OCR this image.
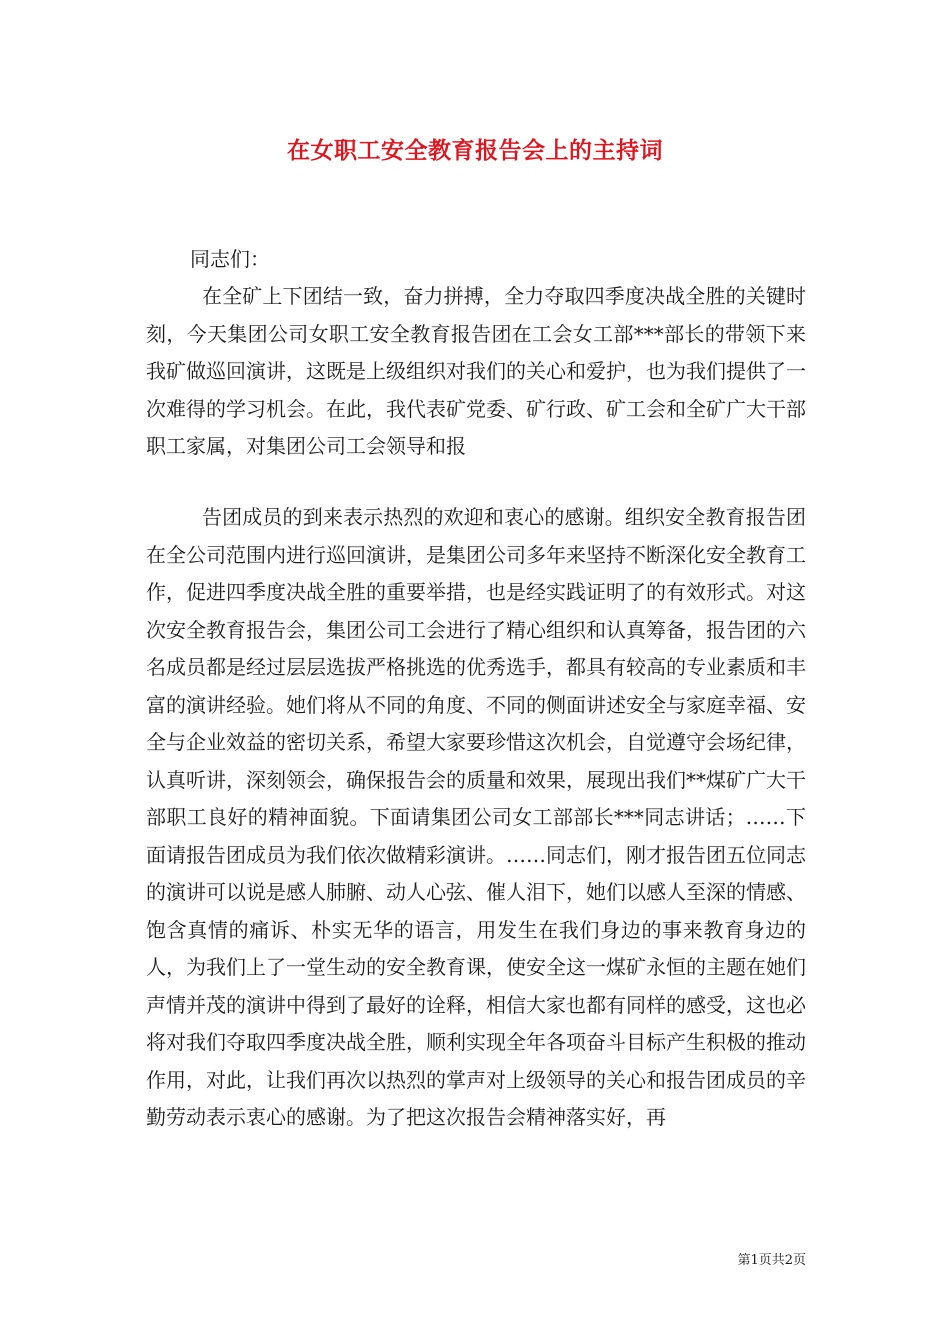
在女职工安全教育报告会上的主持词
同志们：

在全矿上下团结一致，奋力拼搏，全力夺取四季度决战全胜的关键时刻，今天集团公司女职工安全教育报告团在工会女工部***部长的带领下来我矿做巡回演讲，这既是上级组织对我们的关心和爱护，也为我们提供了一次难得的学习机会。在此，我代表矿党委、矿行政、矿工会和全矿广大干部职工家属，对集团公司工会领导和报

告团成员的到来表示热烈的欢迎和衷心的感谢。组织安全教育报告团在全公司范围内进行巡回演讲，是集团公司多年来坚持不断深化安全教育工作，促进四季度决战全胜的重要举措，也是经实践证明了的有效形式。对这次安全教育报告会，集团公司工会进行了精心组织和认真筹备，报告团的六名成员都是经过层层选拔严格挑选的优秀选手，都具有较高的专业素质和丰富的演讲经验。她们将从不同的角度、不同的侧面讲述安全与家庭幸福、安全与企业效益的密切关系，希望大家要珍惜这次机会，自觉遵守会场纪律，认真听讲，深刻领会，确保报告会的质量和效果，展现出我们**煤矿广大干部职工良好的精神面貌。下面请集团公司女工部部长***同志讲话；……下面请报告团成员为我们依次做精彩演讲。……同志们，刚才报告团五位同志的演讲可以说是感人肺腑、动人心弦、催人泪下，她们以感人至深的情感、饱含真情的痛诉、朴实无华的语言，用发生在我们身边的事来教育身边的人，为我们上了一堂生动的安全教育课，使安全这一煤矿永恒的主题在她们声情并茂的演讲中得到了最好的诠释，相信大家也都有同样的感受，这也必将对我们夺取四季度决战全胜，顺利实现全年各项奋斗目标产生积极的推动作用，对此，让我们再次以热烈的掌声对上级领导的关心和报告团成员的辛勤劳动表示衷心的感谢。为了把这次报告会精神落实好，再

第1页共2页
